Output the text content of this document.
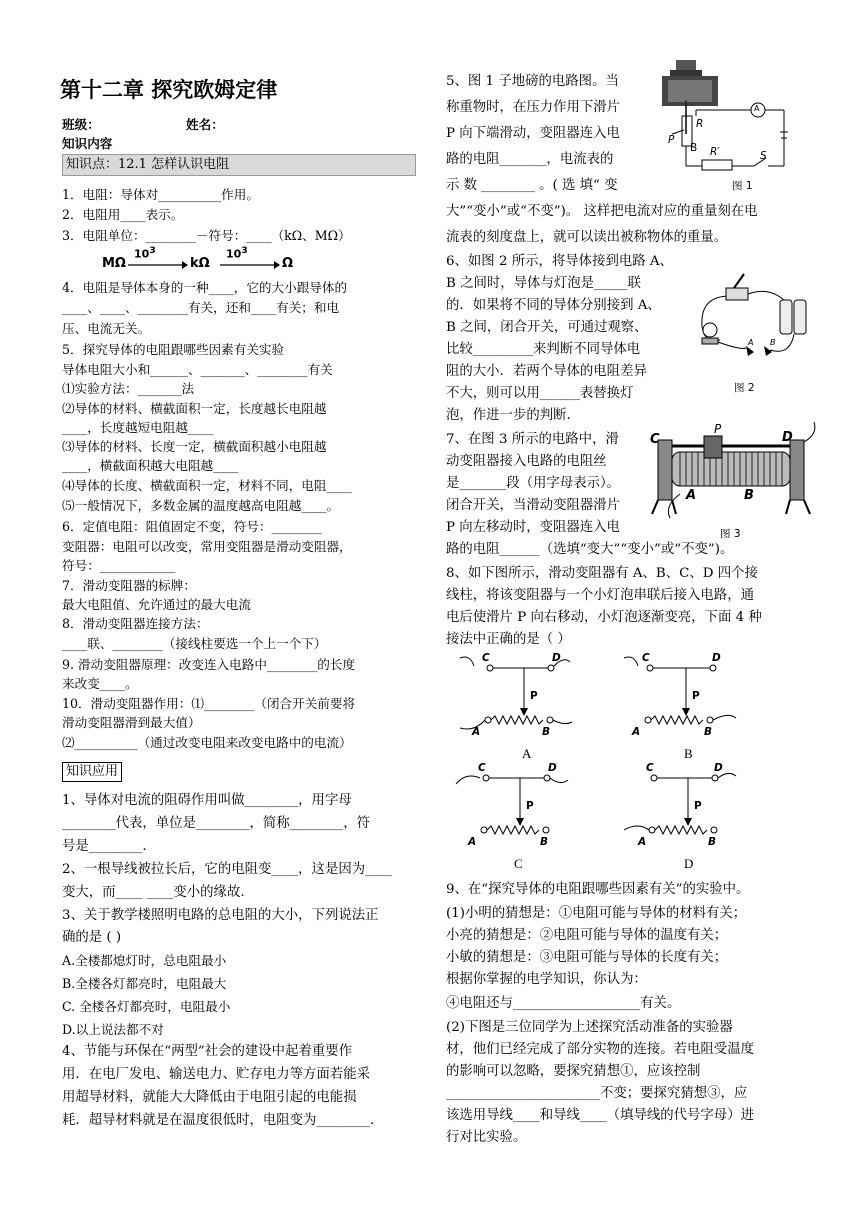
第十二章 探究欧姆定律
班级：	姓名：
知识内容
知识点：12.1 怎样认识电阻
1．电阻：导体对__________作用。
2．电阻用____表示。
3．电阻单位：________－符号：____（kΩ、MΩ）
MΩ
$10^3$
kΩ
$10^3$
Ω
4．电阻是导体本身的一种____，它的大小跟导体的
____、____、________有关，还和____有关；和电
压、电流无关。
5．探究导体的电阻跟哪些因素有关实验
导体电阻大小和______、_______、________有关
⑴实验方法：_______法
⑵导体的材料、横截面积一定，长度越长电阻越
____，长度越短电阻越____
⑶导体的材料、长度一定，横截面积越小电阻越
____，横截面积越大电阻越____
⑷导体的长度、横截面积一定，材料不同，电阻____
⑸一般情况下，多数金属的温度越高电阻越____。
6．定值电阻：阻值固定不变，符号：________
变阻器：电阻可以改变，常用变阻器是滑动变阻器，
符号：____________
7．滑动变阻器的标牌：
最大电阻值、允许通过的最大电流
8．滑动变阻器连接方法：
____联、________（接线柱要选一个上一个下）
9. 滑动变阻器原理：改变连入电路中________的长度
来改变____。
10．滑动变阻器作用：⑴________（闭合开关前要将
滑动变阻器滑到最大值）
⑵__________（通过改变电阻来改变电路中的电流）
知识应用
1、导体对电流的阻碍作用叫做________，用字母
________代表，单位是________，简称________，符
号是________.
2、一根导线被拉长后，它的电阻变____，这是因为____
变大，而____ ____变小的缘故.
3、关于教学楼照明电路的总电阻的大小，下列说法正
确的是 ( )
A.全楼都熄灯时，总电阻最小
B.全楼各灯都亮时，电阻最大
C. 全楼各灯都亮时，电阻最小
D.以上说法都不对
4、节能与环保在“两型”社会的建设中起着重要作
用．在电厂发电、输送电力、贮存电力等方面若能采
用超导材料，就能大大降低由于电阻引起的电能损
耗．超导材料就是在温度很低时，电阻变为________.
5、图 1 子地磅的电路图。当
称重物时，在压力作用下滑片
P 向下端滑动，变阻器连入电
路的电阻_______，电流表的
示 数 ________ 。( 选 填“ 变
大”“变小”或“不变”)。 这样把电流对应的重量刻在电
流表的刻度盘上，就可以读出被称物体的重量。
6、如图 2 所示，将导体接到电路 A、
B 之间时，导体与灯泡是_____联
的．如果将不同的导体分别接到 A、
B 之间，闭合开关，可通过观察、
比较_________来判断不同导体电
阻的大小．若两个导体的电阻差异
不大，则可以用______表替换灯
泡，作进一步的判断.
7、在图 3 所示的电路中，滑
动变阻器接入电路的电阻丝
是_______段（用字母表示）。
闭合开关，当滑动变阻器滑片
P 向左移动时，变阻器连入电
路的电阻______（选填“变大”“变小”或“不变”)。
8、如下图所示，滑动变阻器有 A、B、C、D 四个接
线柱，将该变阻器与一个小灯泡串联后接入电路，通
电后使滑片 P 向右移动，小灯泡逐渐变亮，下面 4 种
接法中正确的是（ ）
9、在“探究导体的电阻跟哪些因素有关”的实验中。
(1)小明的猜想是：①电阻可能与导体的材料有关；
小亮的猜想是：②电阻可能与导体的温度有关；
小敏的猜想是：③电阻可能与导体的长度有关；
根据你掌握的电学知识，你认为：
④电阻还与___________________有关。
(2)下图是三位同学为上述探究活动准备的实验器
材，他们已经完成了部分实物的连接。若电阻受温度
的影响可以忽略，要探究猜想①，应该控制
_______________________不变；要探究猜想③，应
该选用导线____和导线____（填导线的代号字母）进
行对比实验。
A
P
R
B R′	S
图 1
A B
图 2
C
P
D
A	B
图 3
C	D
P
A	B
A
C	D
P
A	B
B
C	D
P
A	B
C
C	D
P
A	B
D
